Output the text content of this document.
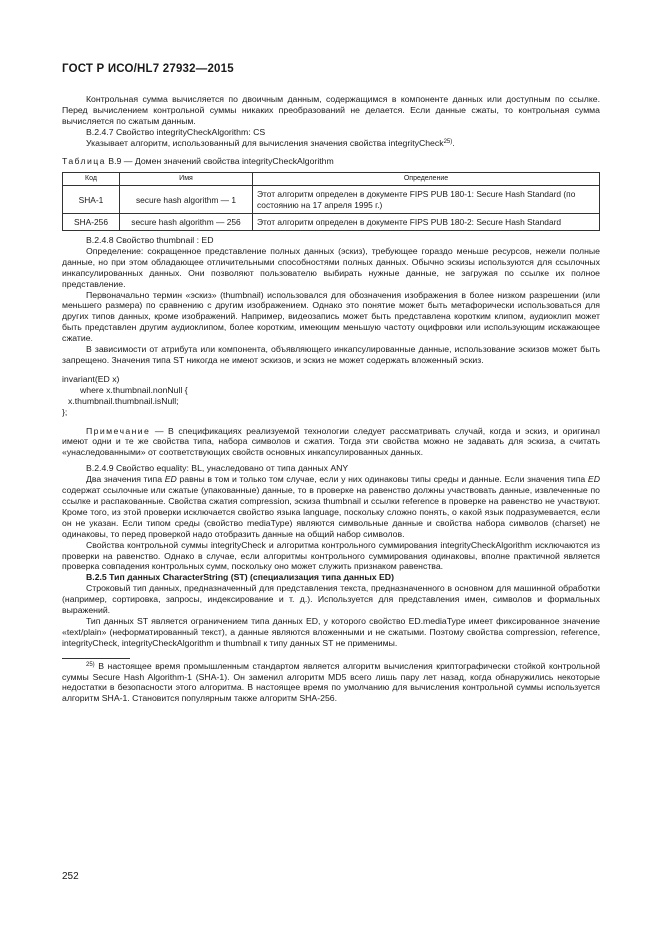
ГОСТ Р ИСО/HL7 27932—2015

Контрольная сумма вычисляется по двоичным данным, содержащимся в компоненте данных или доступным по ссылке. Перед вычислением контрольной суммы никаких преобразований не делается. Если данные сжаты, то контрольная сумма вычисляется по сжатым данным.

В.2.4.7 Свойство integrityCheckAlgorithm: CS

Указывает алгоритм, использованный для вычисления значения свойства integrityCheck$^{25)}$.

Таблица В.9 — Домен значений свойства integrityCheckAlgorithm

Код	Имя	Определение
SHA-1	secure hash algorithm — 1	Этот алгоритм определен в документе FIPS PUB 180-1: Secure Hash Standard (по состоянию на 17 апреля 1995 г.)
SHA-256	secure hash algorithm — 256	Этот алгоритм определен в документе FIPS PUB 180-2: Secure Hash Standard

В.2.4.8 Свойство thumbnail : ED

Определение: сокращенное представление полных данных (эскиз), требующее гораздо меньше ресурсов, нежели полные данные, но при этом обладающее отличительными способностями полных данных. Обычно эскизы используются для ссылочных инкапсулированных данных. Они позволяют пользователю выбирать нужные данные, не загружая по ссылке их полное представление.

Первоначально термин «эскиз» (thumbnail) использовался для обозначения изображения в более низком разрешении (или меньшего размера) по сравнению с другим изображением. Однако это понятие может быть метафорически использоваться для других типов данных, кроме изображений. Например, видеозапись может быть представлена коротким клипом, аудиоклип может быть представлен другим аудиоклипом, более коротким, имеющим меньшую частоту оцифровки или использующим искажающее сжатие.

В зависимости от атрибута или компонента, объявляющего инкапсулированные данные, использование эскизов может быть запрещено. Значения типа ST никогда не имеют эскизов, и эскиз не может содержать вложенный эскиз.

invariant(ED x)

where x.thumbnail.nonNull {

x.thumbnail.thumbnail.isNull;

};

Примечание — В спецификациях реализуемой технологии следует рассматривать случай, когда и эскиз, и оригинал имеют одни и те же свойства типа, набора символов и сжатия. Тогда эти свойства можно не задавать для эскиза, а считать «унаследованными» от соответствующих свойств основных инкапсулированных данных.

В.2.4.9 Свойство equality: BL, унаследовано от типа данных ANY

Два значения типа ED равны в том и только том случае, если у них одинаковы типы среды и данные. Если значения типа ED содержат ссылочные или сжатые (упакованные) данные, то в проверке на равенство должны участвовать данные, извлеченные по ссылке и распакованные. Свойства сжатия compression, эскиза thumbnail и ссылки reference в проверке на равенство не участвуют. Кроме того, из этой проверки исключается свойство языка language, поскольку сложно понять, о какой язык подразумевается, если он не указан. Если типом среды (свойство mediaType) являются символьные данные и свойства набора символов (charset) не одинаковы, то перед проверкой надо отобразить данные на общий набор символов.

Свойства контрольной суммы integrityCheck и алгоритма контрольного суммирования integrityCheckAlgorithm исключаются из проверки на равенство. Однако в случае, если алгоритмы контрольного суммирования одинаковы, вполне практичной является проверка совпадения контрольных сумм, поскольку оно может служить признаком равенства.

В.2.5 Тип данных CharacterString (ST) (специализация типа данных ED)

Строковый тип данных, предназначенный для представления текста, предназначенного в основном для машинной обработки (например, сортировка, запросы, индексирование и т. д.). Используется для представления имен, символов и формальных выражений.

Тип данных ST является ограничением типа данных ED, у которого свойство ED.mediaType имеет фиксированное значение «text/plain» (неформатированный текст), а данные являются вложенными и не сжатыми. Поэтому свойства compression, reference, integrityCheck, integrityCheckAlgorithm и thumbnail к типу данных ST не применимы.

$^{25)}$ В настоящее время промышленным стандартом является алгоритм вычисления криптографически стойкой контрольной суммы Secure Hash Algorithm-1 (SHA-1). Он заменил алгоритм MD5 всего лишь пару лет назад, когда обнаружились некоторые недостатки в безопасности этого алгоритма. В настоящее время по умолчанию для вычисления контрольной суммы используется алгоритм SHA-1. Становится популярным также алгоритм SHA-256.

252
